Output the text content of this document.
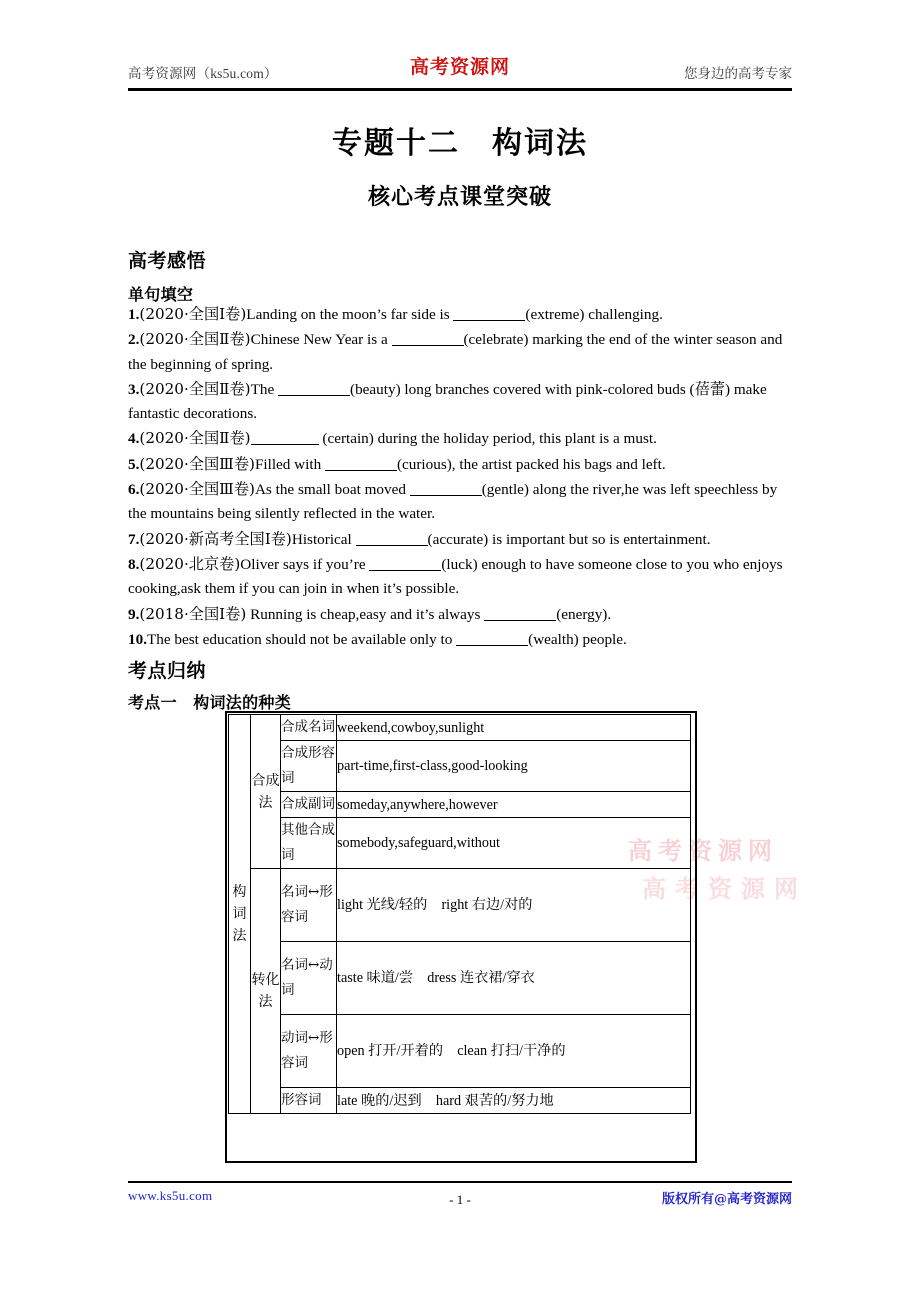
高考资源网（ks5u.com）	高考资源网	您身边的高考专家
专题十二　构词法
核心考点课堂突破
高考感悟
单句填空
1.(2020·全国Ⅰ卷)Landing on the moon’s far side is	(extreme) challenging.
2.(2020·全国Ⅱ卷)Chinese New Year is a	(celebrate) marking the end of the winter season and the beginning of spring.
3.(2020·全国Ⅱ卷)The	(beauty) long branches covered with pink-colored buds (蓓蕾) make fantastic decorations.
4.(2020·全国Ⅱ卷)	(certain) during the holiday period, this plant is a must.
5.(2020·全国Ⅲ卷)Filled with	(curious), the artist packed his bags and left.
6.(2020·全国Ⅲ卷)As the small boat moved	(gentle) along the river,he was left speechless by the mountains being silently reflected in the water.
7.(2020·新高考全国Ⅰ卷)Historical	(accurate) is important but so is entertainment.
8.(2020·北京卷)Oliver says if you’re	(luck) enough to have someone close to you who enjoys cooking,ask them if you can join in when it’s possible.
9.(2018·全国Ⅰ卷) Running is cheap,easy and it’s always	(energy).
10.The best education should not be available only to	(wealth) people.
考点归纳
考点一　构词法的种类
高考资源网
高考资源网
构词法	合成法	合成名词	weekend,cowboy,sunlight
		合成形容词	part-time,first-class,good-looking
		合成副词	someday,anywhere,however
		其他合成词	somebody,safeguard,without
	转化法	名词↔形容词	light 光线/轻的　right 右边/对的
		名词↔动词	taste 味道/尝　dress 连衣裙/穿衣
		动词↔形容词	open 打开/开着的　clean 打扫/干净的
		形容词	late 晚的/迟到　hard 艰苦的/努力地
www.ks5u.com	- 1 -	版权所有@高考资源网
